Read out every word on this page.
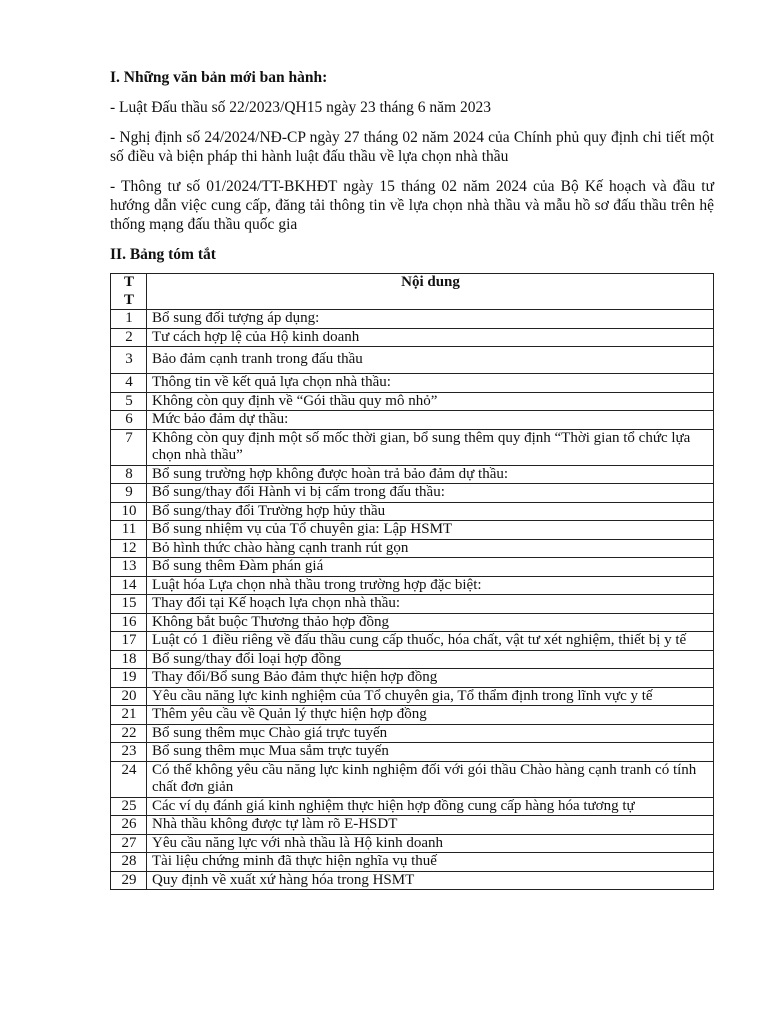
I. Những văn bản mới ban hành:
- Luật Đấu thầu số 22/2023/QH15 ngày 23 tháng 6 năm 2023
- Nghị định số 24/2024/NĐ-CP ngày 27 tháng 02 năm 2024 của Chính phủ quy định chi tiết một số điều và biện pháp thi hành luật đấu thầu về lựa chọn nhà thầu
- Thông tư số 01/2024/TT-BKHĐT ngày 15 tháng 02 năm 2024 của Bộ Kế hoạch và đầu tư hướng dẫn việc cung cấp, đăng tải thông tin về lựa chọn nhà thầu và mẫu hồ sơ đấu thầu trên hệ thống mạng đấu thầu quốc gia
II. Bảng tóm tắt
T
T	Nội dung
1	Bổ sung đối tượng áp dụng:
2	Tư cách hợp lệ của Hộ kinh doanh
3	Bảo đảm cạnh tranh trong đấu thầu
4	Thông tin về kết quả lựa chọn nhà thầu:
5	Không còn quy định về “Gói thầu quy mô nhỏ”
6	Mức bảo đảm dự thầu:
7	Không còn quy định một số mốc thời gian, bổ sung thêm quy định “Thời gian tổ chức lựa chọn nhà thầu”
8	Bổ sung trường hợp không được hoàn trả bảo đảm dự thầu:
9	Bổ sung/thay đổi Hành vi bị cấm trong đấu thầu:
10	Bổ sung/thay đổi Trường hợp hủy thầu
11	Bổ sung nhiệm vụ của Tổ chuyên gia: Lập HSMT
12	Bỏ hình thức chào hàng cạnh tranh rút gọn
13	Bổ sung thêm Đàm phán giá
14	Luật hóa Lựa chọn nhà thầu trong trường hợp đặc biệt:
15	Thay đổi tại Kế hoạch lựa chọn nhà thầu:
16	Không bắt buộc Thương thảo hợp đồng
17	Luật có 1 điều riêng về đấu thầu cung cấp thuốc, hóa chất, vật tư xét nghiệm, thiết bị y tế
18	Bổ sung/thay đổi loại hợp đồng
19	Thay đổi/Bổ sung Bảo đảm thực hiện hợp đồng
20	Yêu cầu năng lực kinh nghiệm của Tổ chuyên gia, Tổ thẩm định trong lĩnh vực y tế
21	Thêm yêu cầu về Quản lý thực hiện hợp đồng
22	Bổ sung thêm mục Chào giá trực tuyến
23	Bổ sung thêm mục Mua sắm trực tuyến
24	Có thể không yêu cầu năng lực kinh nghiệm đối với gói thầu Chào hàng cạnh tranh có tính chất đơn giản
25	Các ví dụ đánh giá kinh nghiệm thực hiện hợp đồng cung cấp hàng hóa tương tự
26	Nhà thầu không được tự làm rõ E-HSDT
27	Yêu cầu năng lực với nhà thầu là Hộ kinh doanh
28	Tài liệu chứng minh đã thực hiện nghĩa vụ thuế
29	Quy định về xuất xứ hàng hóa trong HSMT
